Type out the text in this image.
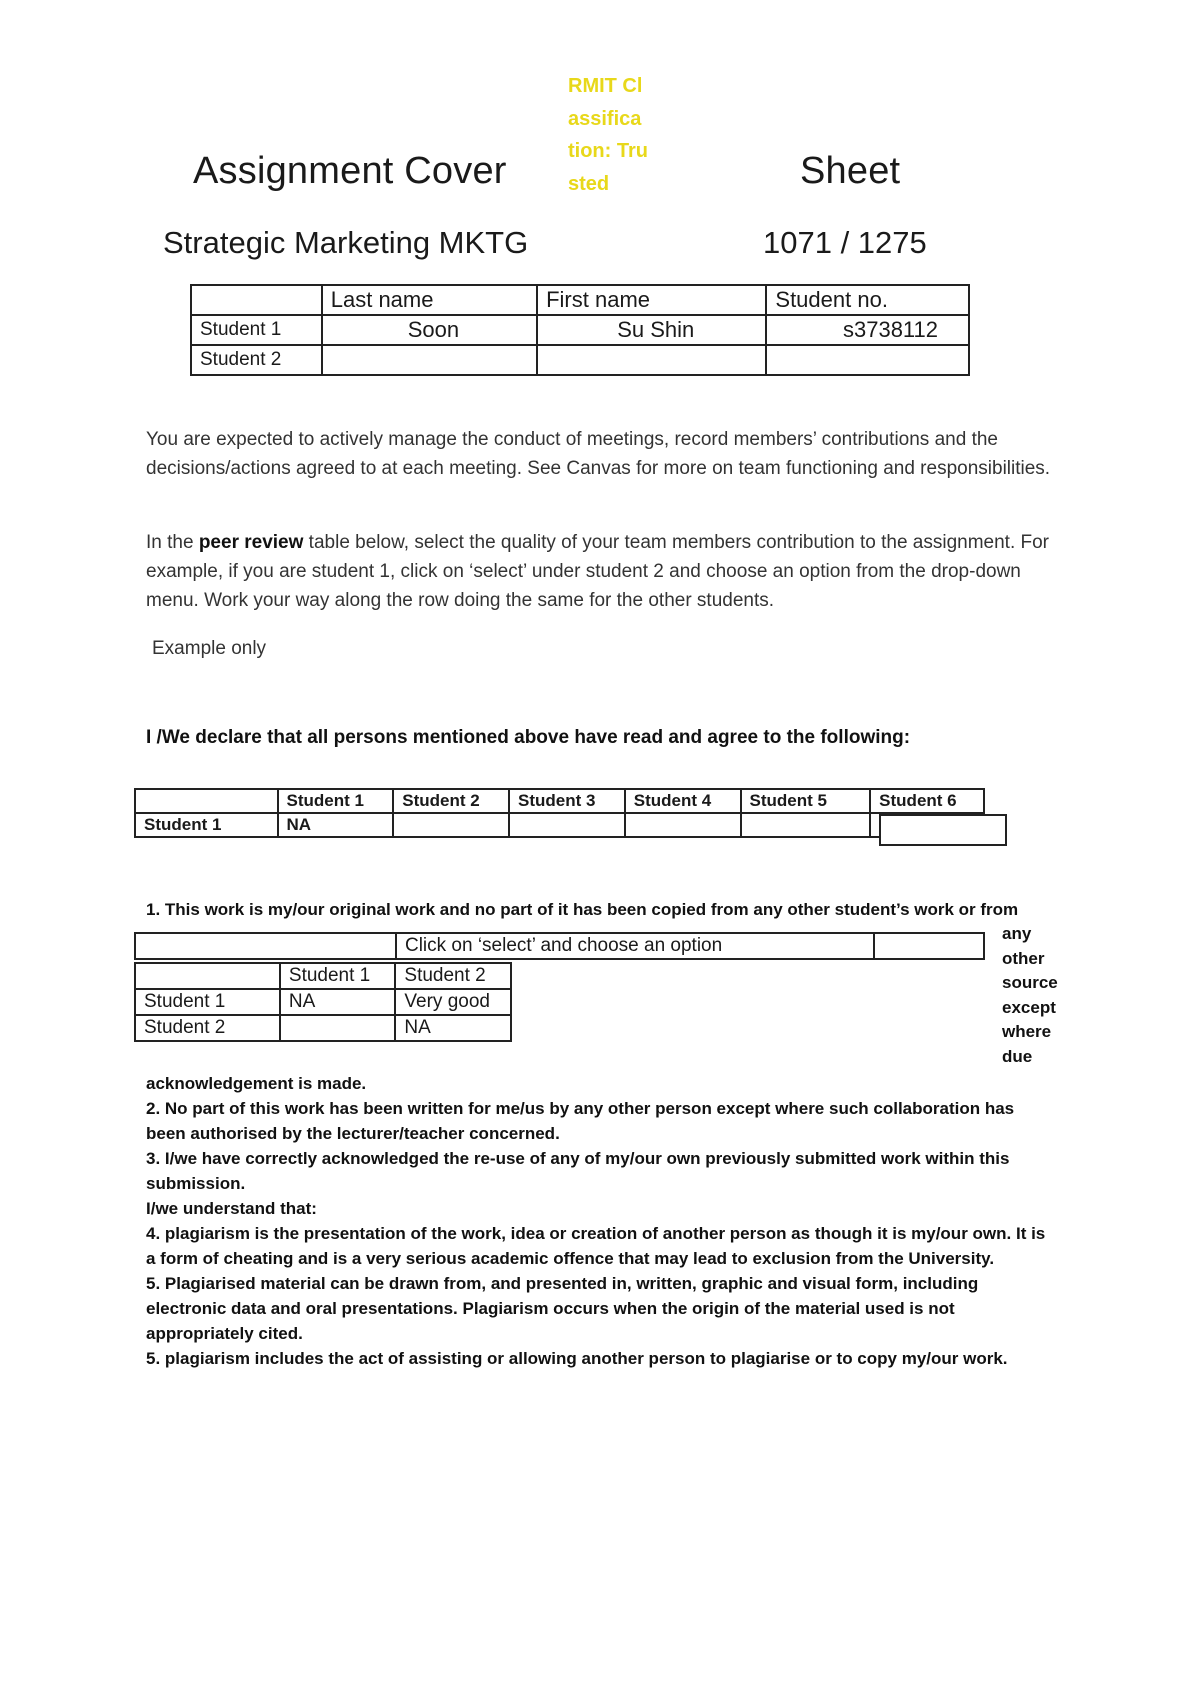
RMIT Classification: Trusted
Assignment Cover	Sheet
Strategic Marketing MKTG	1071 / 1275
	Last name	First name	Student no.
Student 1	Soon	Su Shin	s3738112
Student 2			
You are expected to actively manage the conduct of meetings, record members’ contributions and the decisions/actions agreed to at each meeting. See Canvas for more on team functioning and responsibilities.
In the peer review table below, select the quality of your team members contribution to the assignment. For example, if you are student 1, click on ‘select’ under student 2 and choose an option from the drop-down menu. Work your way along the row doing the same for the other students.
Example only
I /We declare that all persons mentioned above have read and agree to the following:
	Student 1	Student 2	Student 3	Student 4	Student 5	Student 6
Student 1	NA					
1. This work is my/our original work and no part of it has been copied from any other student’s work or from
	Click on ‘select’ and choose an option	
	Student 1	Student 2
Student 1	NA	Very good
Student 2		NA
any
other
source
except
where
due
acknowledgement is made.
2. No part of this work has been written for me/us by any other person except where such collaboration has been authorised by the lecturer/teacher concerned.
3. I/we have correctly acknowledged the re-use of any of my/our own previously submitted work within this submission.
I/we understand that:
4. plagiarism is the presentation of the work, idea or creation of another person as though it is my/our own. It is a form of cheating and is a very serious academic offence that may lead to exclusion from the University.
5. Plagiarised material can be drawn from, and presented in, written, graphic and visual form, including electronic data and oral presentations. Plagiarism occurs when the origin of the material used is not appropriately cited.
5. plagiarism includes the act of assisting or allowing another person to plagiarise or to copy my/our work.
